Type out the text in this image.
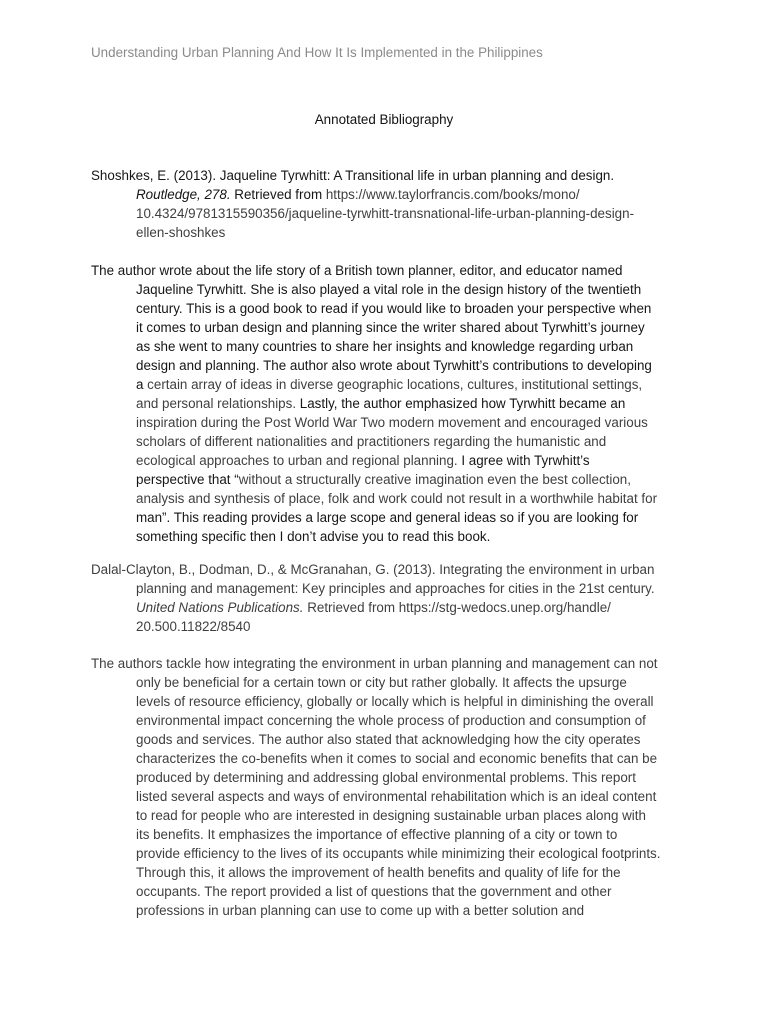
Understanding Urban Planning And How It Is Implemented in the Philippines
Annotated Bibliography
Shoshkes, E. (2013). Jaqueline Tyrwhitt: A Transitional life in urban planning and design.
Routledge, 278. Retrieved from https://www.taylorfrancis.com/books/mono/
10.4324/9781315590356/jaqueline-tyrwhitt-transnational-life-urban-planning-design-
ellen-shoshkes
The author wrote about the life story of a British town planner, editor, and educator named
Jaqueline Tyrwhitt. She is also played a vital role in the design history of the twentieth
century. This is a good book to read if you would like to broaden your perspective when
it comes to urban design and planning since the writer shared about Tyrwhitt’s journey
as she went to many countries to share her insights and knowledge regarding urban
design and planning. The author also wrote about Tyrwhitt’s contributions to developing
a certain array of ideas in diverse geographic locations, cultures, institutional settings,
and personal relationships. Lastly, the author emphasized how Tyrwhitt became an
inspiration during the Post World War Two modern movement and encouraged various
scholars of different nationalities and practitioners regarding the humanistic and
ecological approaches to urban and regional planning. I agree with Tyrwhitt’s
perspective that “without a structurally creative imagination even the best collection,
analysis and synthesis of place, folk and work could not result in a worthwhile habitat for
man”. This reading provides a large scope and general ideas so if you are looking for
something specific then I don’t advise you to read this book.
Dalal-Clayton, B., Dodman, D., & McGranahan, G. (2013). Integrating the environment in urban
planning and management: Key principles and approaches for cities in the 21st century.
United Nations Publications. Retrieved from https://stg-wedocs.unep.org/handle/
20.500.11822/8540
The authors tackle how integrating the environment in urban planning and management can not
only be beneficial for a certain town or city but rather globally. It affects the upsurge
levels of resource efficiency, globally or locally which is helpful in diminishing the overall
environmental impact concerning the whole process of production and consumption of
goods and services. The author also stated that acknowledging how the city operates
characterizes the co-benefits when it comes to social and economic benefits that can be
produced by determining and addressing global environmental problems. This report
listed several aspects and ways of environmental rehabilitation which is an ideal content
to read for people who are interested in designing sustainable urban places along with
its benefits. It emphasizes the importance of effective planning of a city or town to
provide efficiency to the lives of its occupants while minimizing their ecological footprints.
Through this, it allows the improvement of health benefits and quality of life for the
occupants. The report provided a list of questions that the government and other
professions in urban planning can use to come up with a better solution and
